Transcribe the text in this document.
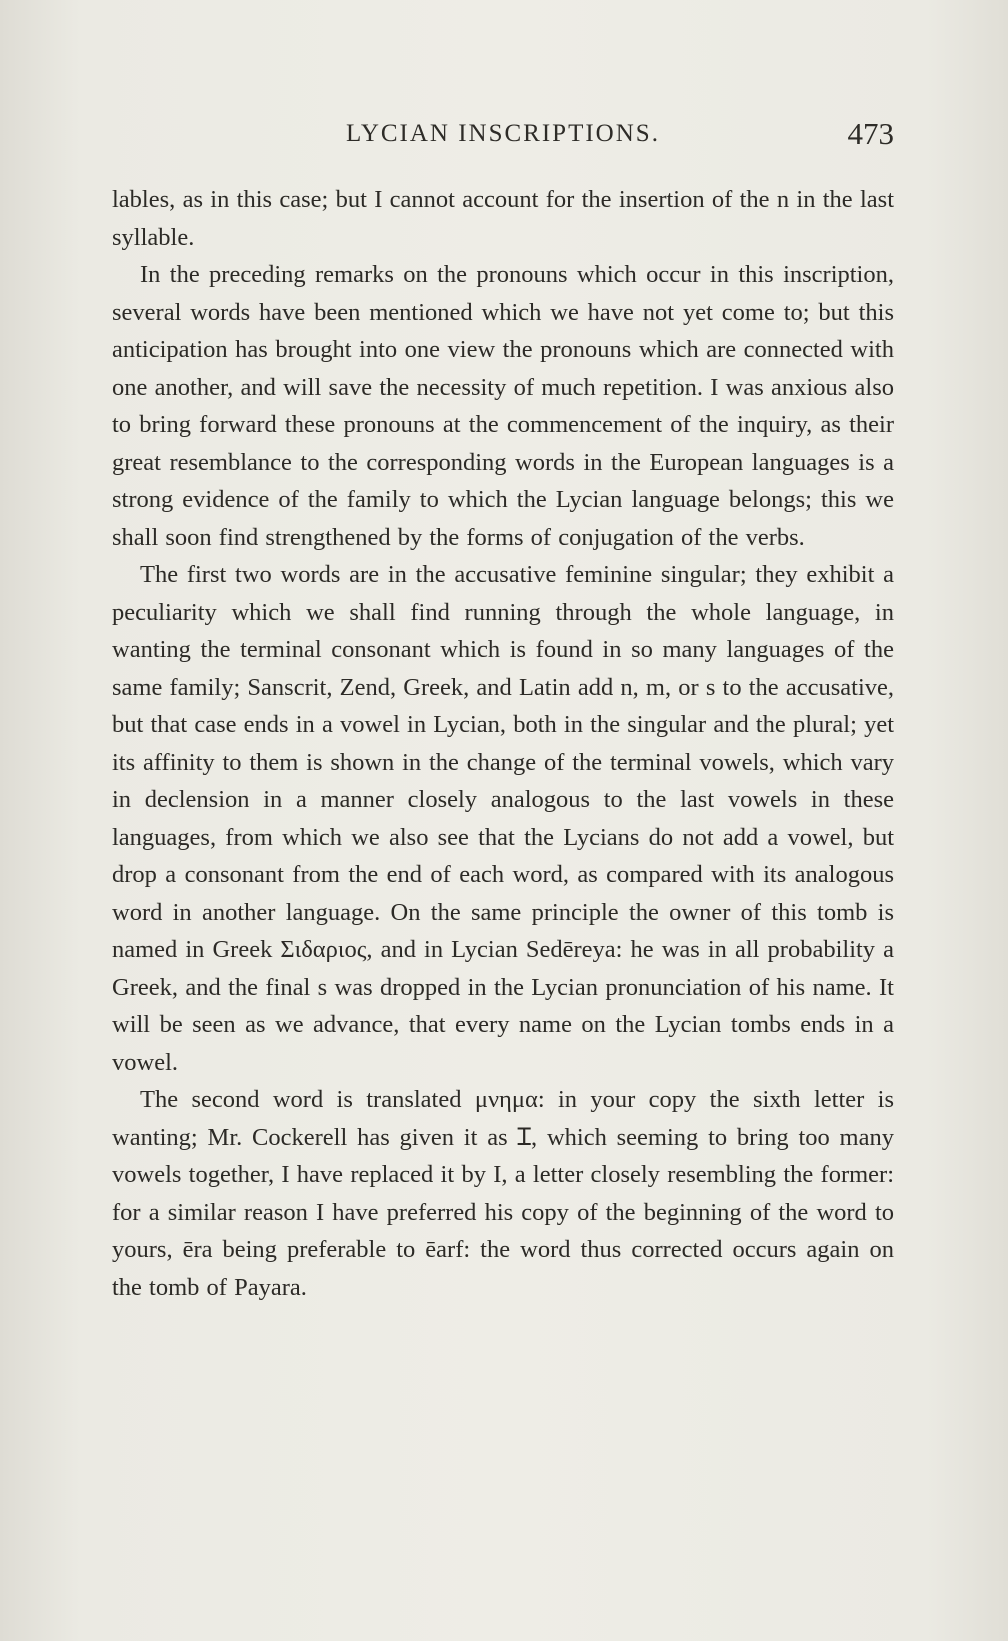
LYCIAN INSCRIPTIONS.	473

lables, as in this case; but I cannot account for the insertion of the n in the last syllable.

In the preceding remarks on the pronouns which occur in this inscription, several words have been mentioned which we have not yet come to; but this anticipation has brought into one view the pronouns which are connected with one another, and will save the necessity of much repetition. I was anxious also to bring forward these pronouns at the commencement of the inquiry, as their great resemblance to the corresponding words in the European languages is a strong evidence of the family to which the Lycian language belongs; this we shall soon find strengthened by the forms of conjugation of the verbs.

The first two words are in the accusative feminine singular; they exhibit a peculiarity which we shall find running through the whole language, in wanting the terminal consonant which is found in so many languages of the same family; Sanscrit, Zend, Greek, and Latin add n, m, or s to the accusative, but that case ends in a vowel in Lycian, both in the singular and the plural; yet its affinity to them is shown in the change of the terminal vowels, which vary in declension in a manner closely analogous to the last vowels in these languages, from which we also see that the Lycians do not add a vowel, but drop a consonant from the end of each word, as compared with its analogous word in another language. On the same principle the owner of this tomb is named in Greek Σιδαριος, and in Lycian Sedēreya: he was in all probability a Greek, and the final s was dropped in the Lycian pronunciation of his name. It will be seen as we advance, that every name on the Lycian tombs ends in a vowel.

The second word is translated μνημα: in your copy the sixth letter is wanting; Mr. Cockerell has given it as Ɪ, which seeming to bring too many vowels together, I have replaced it by Ӏ, a letter closely resembling the former: for a similar reason I have preferred his copy of the beginning of the word to yours, ēra being preferable to ēarf: the word thus corrected occurs again on the tomb of Payara.
